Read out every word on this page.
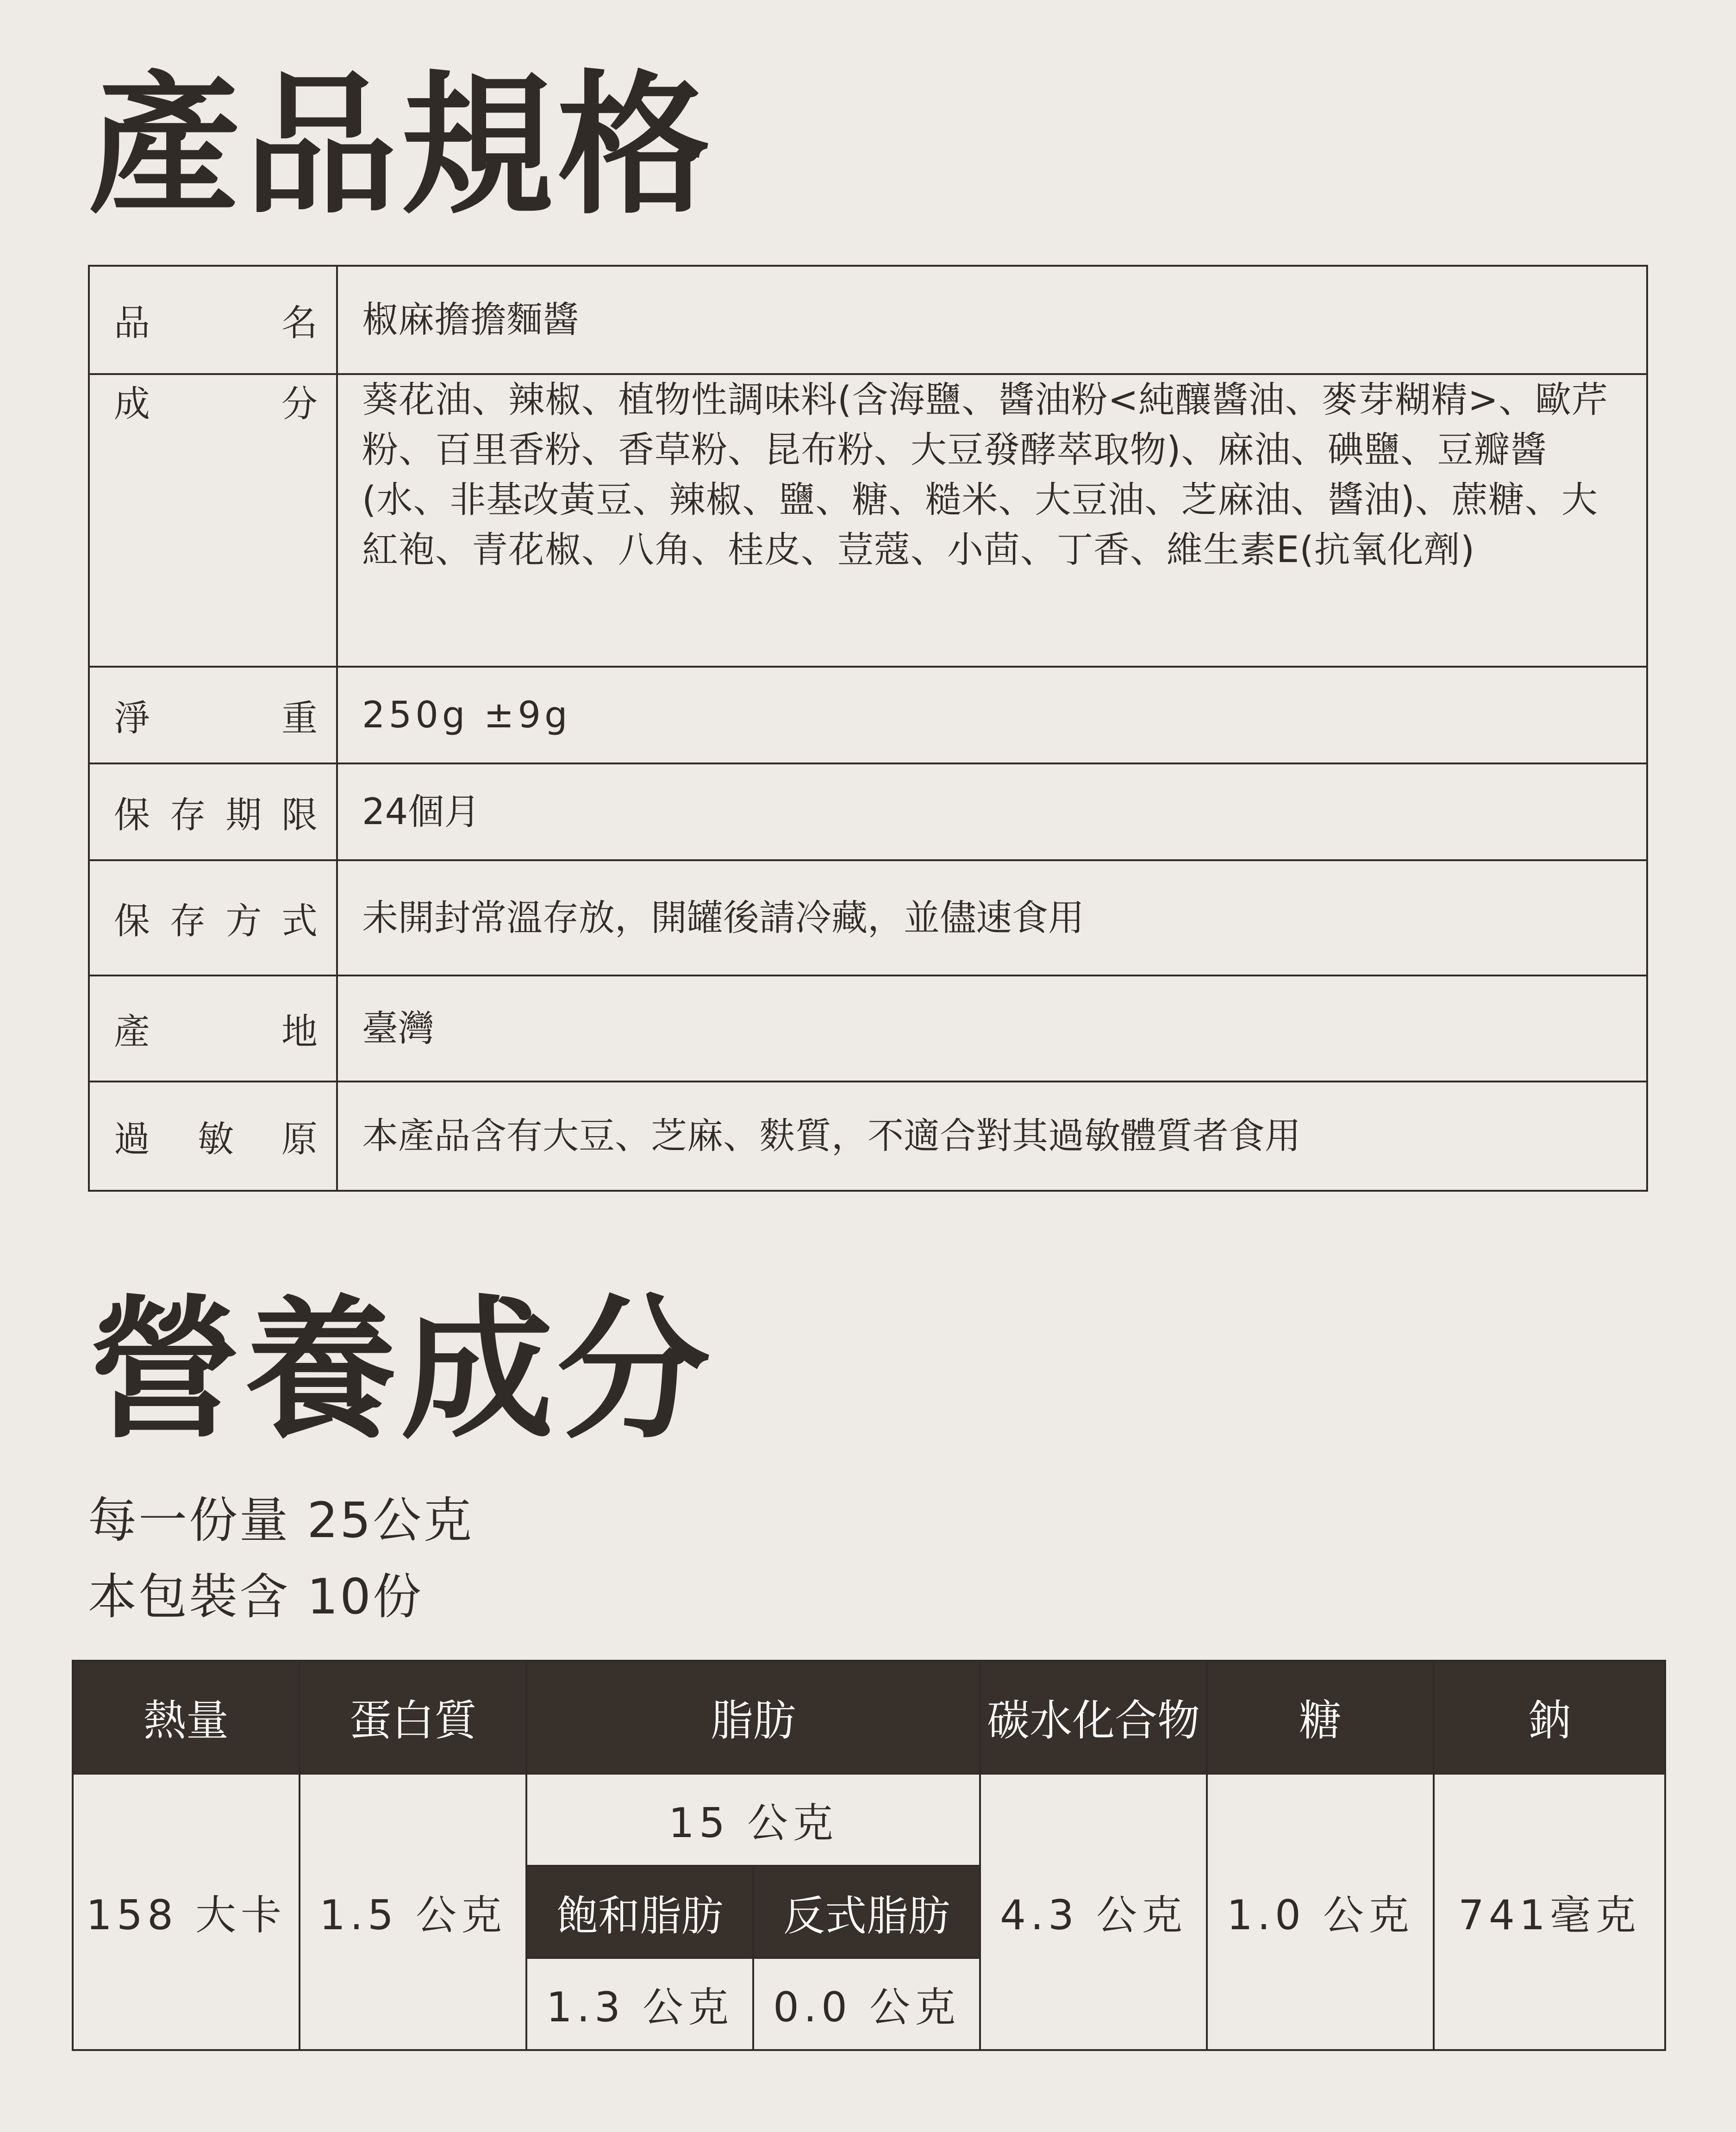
產品規格
品 名	椒麻擔擔麵醬

成 分	葵花油、辣椒、植物性調味料(含海鹽、醬油粉<純釀醬油、麥芽糊精>、歐芹粉、百里香粉、香草粉、昆布粉、大豆發酵萃取物)、麻油、碘鹽、豆瓣醬(水、非基改黃豆、辣椒、鹽、糖、糙米、大豆油、芝麻油、醬油)、蔗糖、大紅袍、青花椒、八角、桂皮、荳蔻、小茴、丁香、維生素E(抗氧化劑)

淨 重	250g ±9g

保 存 期 限	24個月

保 存 方 式	未開封常溫存放，開罐後請冷藏，並儘速食用

產 地	臺灣

過 敏 原	本產品含有大豆、芝麻、麩質，不適合對其過敏體質者食用
營養成分
每一份量 25公克
本包裝含 10份
熱量	蛋白質	脂肪		碳水化合物	糖	鈉
158 大卡	1.5 公克	15 公克		4.3 公克	1.0 公克	741毫克
		飽和脂肪	反式脂肪			
		1.3 公克	0.0 公克			
